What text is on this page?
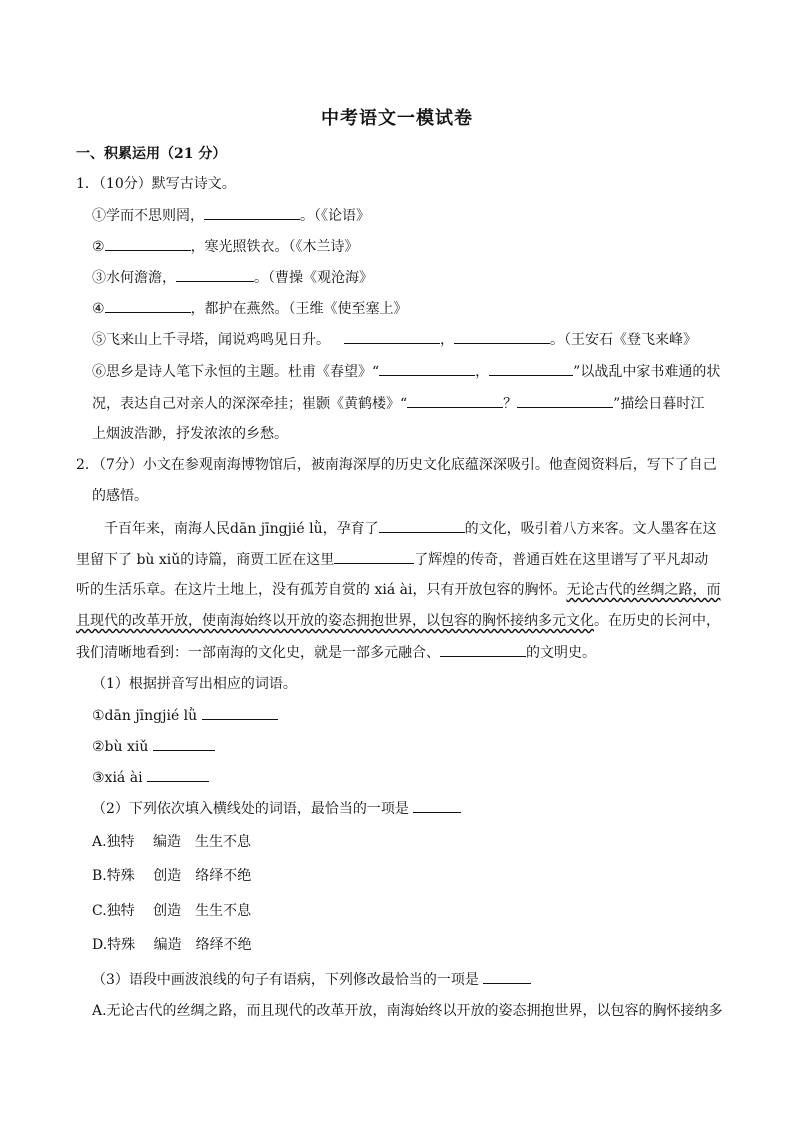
中考语文一模试卷
一、积累运用（21 分）
1．（10分）默写古诗文。
①学而不思则罔，	。（《论语》
②	，寒光照铁衣。（《木兰诗》
③水何澹澹，	。（曹操《观沧海》
④	，都护在燕然。（王维《使至塞上》
⑤飞来山上千寻塔，闻说鸡鸣见日升。	，	。（王安石《登飞来峰》
⑥思乡是诗人笔下永恒的主题。杜甫《春望》“	，	”以战乱中家书难通的状
况，表达自己对亲人的深深牵挂；崔颢《黄鹤楼》“	？	”描绘日暮时江
上烟波浩渺，抒发浓浓的乡愁。
2．（7分）小文在参观南海博物馆后，被南海深厚的历史文化底蕴深深吸引。他查阅资料后，写下了自己
的感悟。
千百年来，南海人民dān jīngjié lǜ，孕育了	的文化，吸引着八方来客。文人墨客在这
里留下了 bù xiǔ的诗篇，商贾工匠在这里	了辉煌的传奇，普通百姓在这里谱写了平凡却动
听的生活乐章。在这片土地上，没有孤芳自赏的 xiá ài，只有开放包容的胸怀。无论古代的丝绸之路，而
且现代的改革开放，使南海始终以开放的姿态拥抱世界，以包容的胸怀接纳多元文化。在历史的长河中，
我们清晰地看到：一部南海的文化史，就是一部多元融合、	的文明史。
（1）根据拼音写出相应的词语。
①dān jīngjié lǜ
②bù xiǔ
③xiá ài
（2）下列依次填入横线处的词语，最恰当的一项是
A.独特　 编造　生生不息
B.特殊　 创造　络绎不绝
C.独特　 创造　生生不息
D.特殊　 编造　络绎不绝
（3）语段中画波浪线的句子有语病，下列修改最恰当的一项是
A.无论古代的丝绸之路，而且现代的改革开放，南海始终以开放的姿态拥抱世界，以包容的胸怀接纳多
